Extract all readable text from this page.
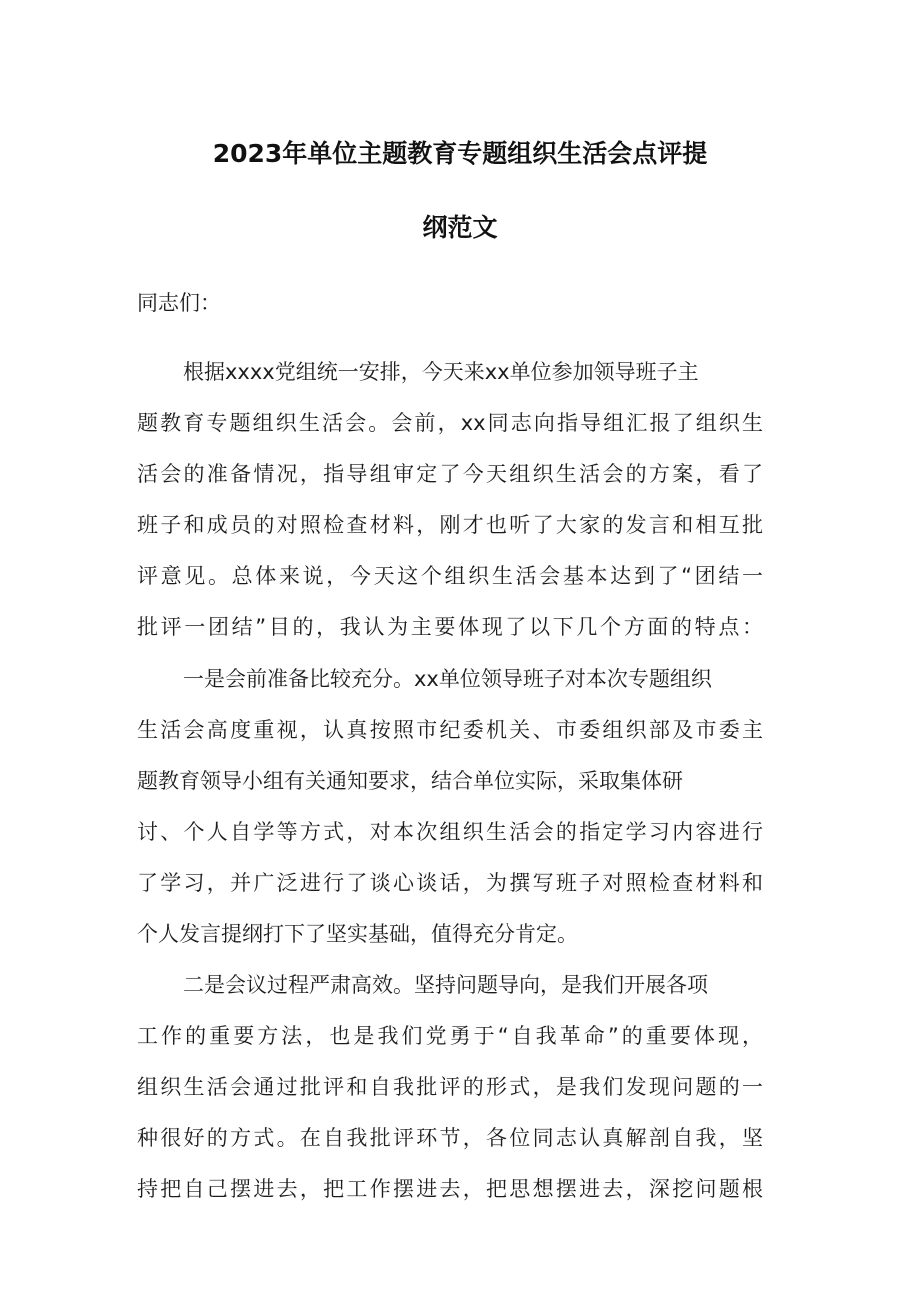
2023年单位主题教育专题组织生活会点评提
纲范文
同志们：
根据xxxx党组统一安排，今天来xx单位参加领导班子主
题教育专题组织生活会。会前，xx同志向指导组汇报了组织生
活会的准备情况，指导组审定了今天组织生活会的方案，看了
班子和成员的对照检查材料，刚才也听了大家的发言和相互批
评意见。总体来说，今天这个组织生活会基本达到了“团结一
批评一团结”目的，我认为主要体现了以下几个方面的特点：
一是会前准备比较充分。xx单位领导班子对本次专题组织
生活会高度重视，认真按照市纪委机关、市委组织部及市委主
题教育领导小组有关通知要求，结合单位实际，采取集体研
讨、个人自学等方式，对本次组织生活会的指定学习内容进行
了学习，并广泛进行了谈心谈话，为撰写班子对照检查材料和
个人发言提纲打下了坚实基础，值得充分肯定。
二是会议过程严肃高效。坚持问题导向，是我们开展各项
工作的重要方法，也是我们党勇于“自我革命”的重要体现，
组织生活会通过批评和自我批评的形式，是我们发现问题的一
种很好的方式。在自我批评环节，各位同志认真解剖自我，坚
持把自己摆进去，把工作摆进去，把思想摆进去，深挖问题根
